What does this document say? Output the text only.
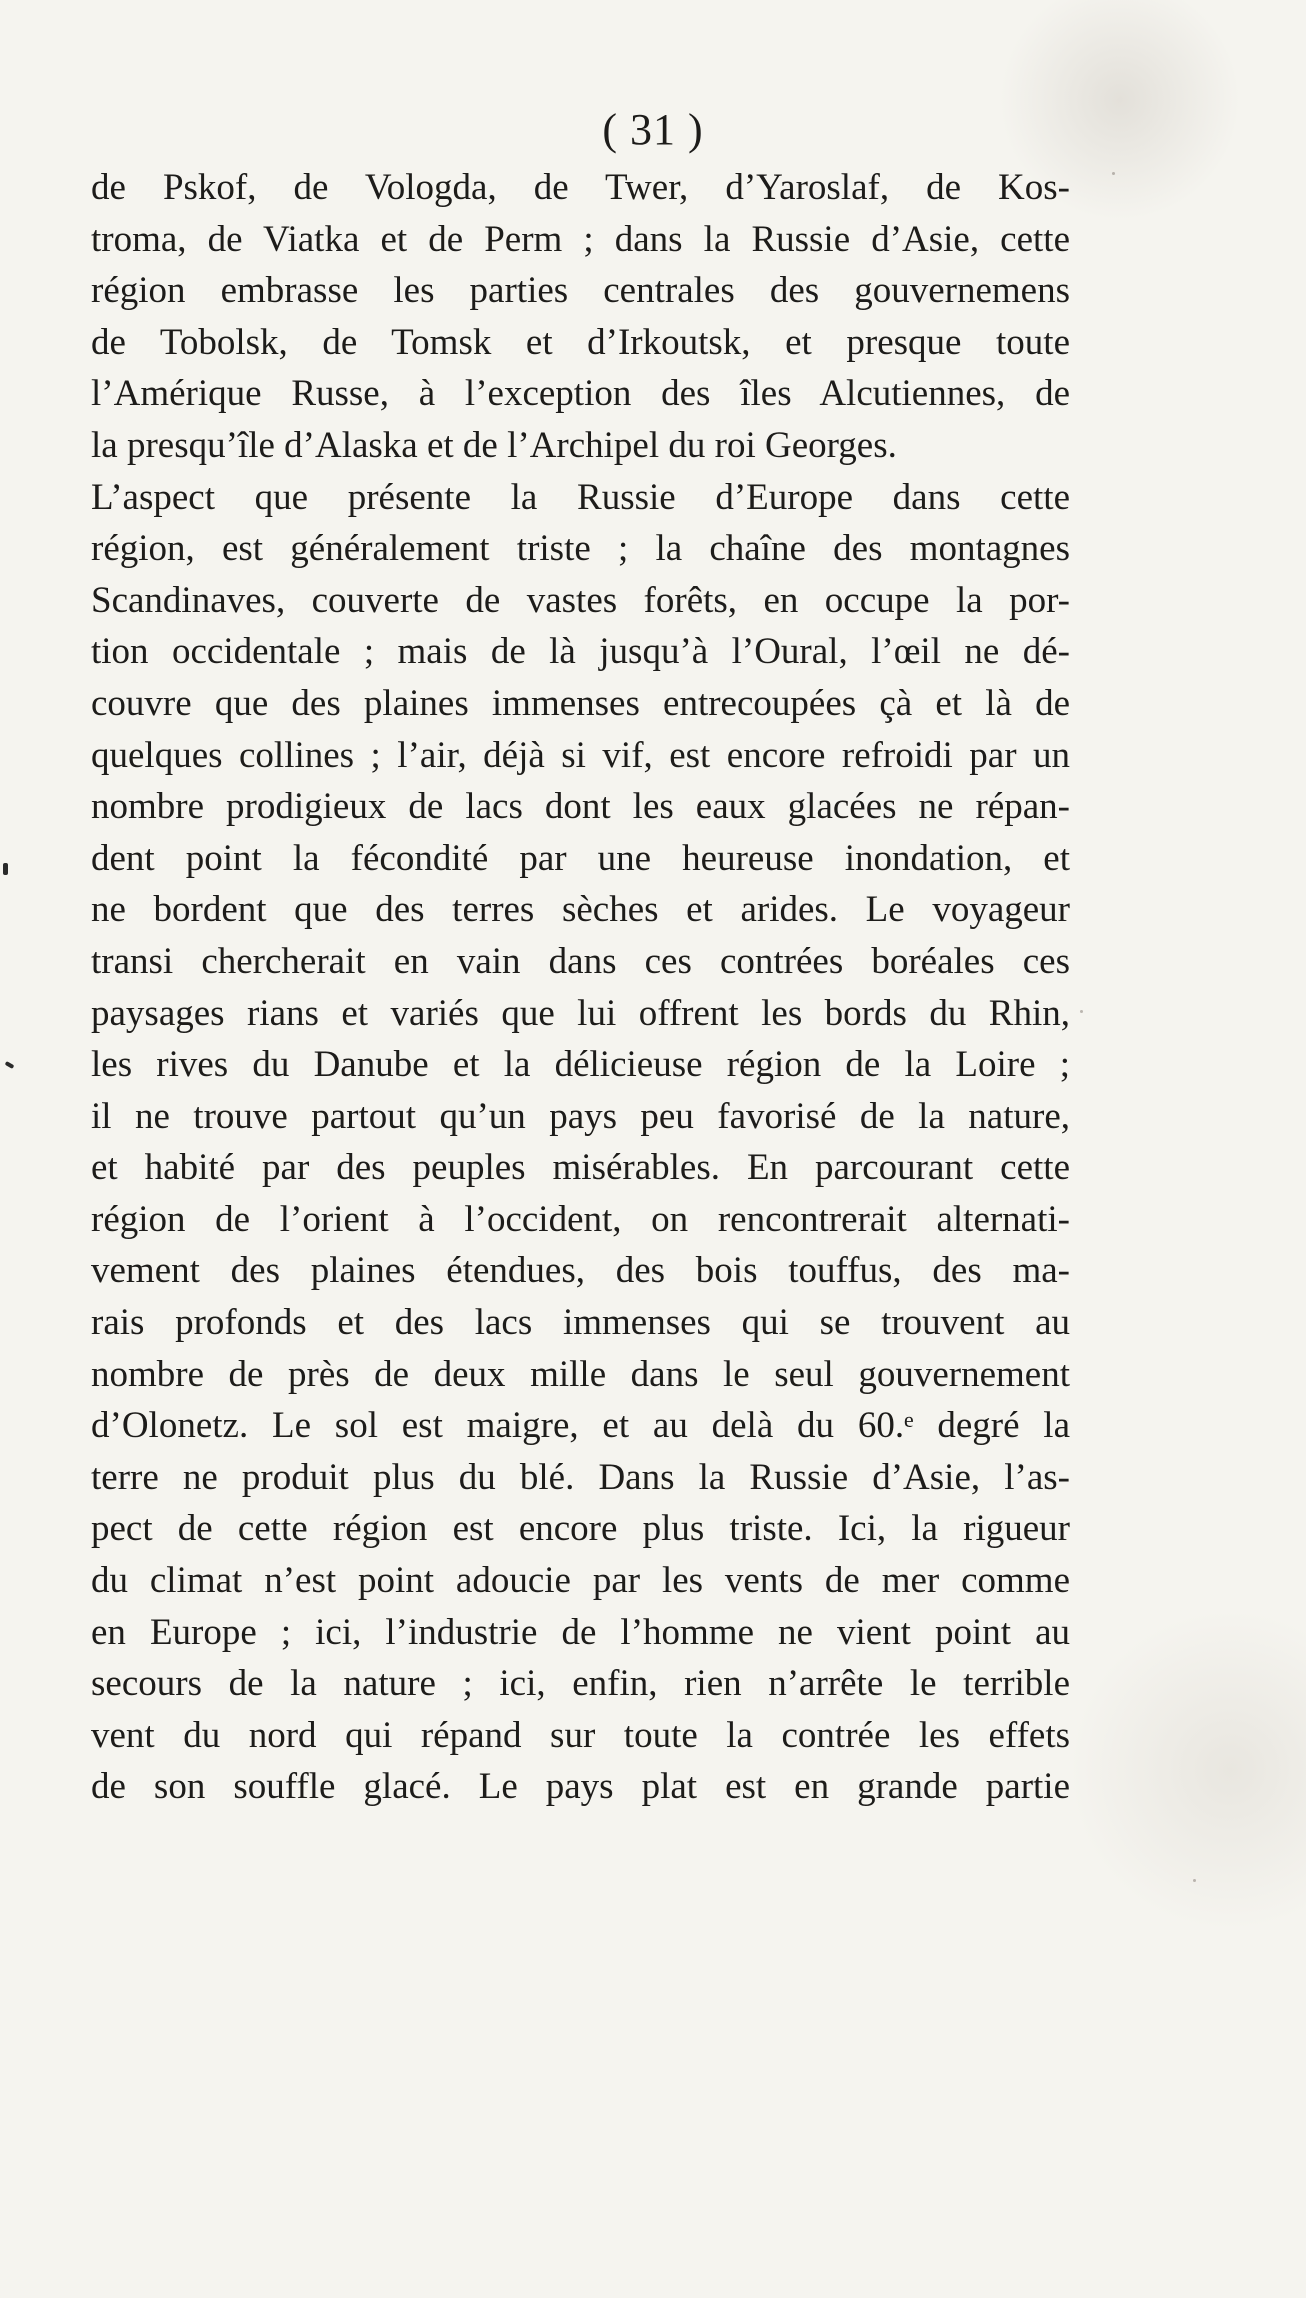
( 31 )
de Pskof, de Vologda, de Twer, d’Yaroslaf, de Kos-
troma, de Viatka et de Perm ; dans la Russie d’Asie, cette
région embrasse les parties centrales des gouvernemens
de Tobolsk, de Tomsk et d’Irkoutsk, et presque toute
l’Amérique Russe, à l’exception des îles Alcutiennes, de
la presqu’île d’Alaska et de l’Archipel du roi Georges.
L’aspect que présente la Russie d’Europe dans cette
région, est généralement triste ; la chaîne des montagnes
Scandinaves, couverte de vastes forêts, en occupe la por-
tion occidentale ; mais de là jusqu’à l’Oural, l’œil ne dé-
couvre que des plaines immenses entrecoupées çà et là de
quelques collines ; l’air, déjà si vif, est encore refroidi par un
nombre prodigieux de lacs dont les eaux glacées ne répan-
dent point la fécondité par une heureuse inondation, et
ne bordent que des terres sèches et arides. Le voyageur
transi chercherait en vain dans ces contrées boréales ces
paysages rians et variés que lui offrent les bords du Rhin,
les rives du Danube et la délicieuse région de la Loire ;
il ne trouve partout qu’un pays peu favorisé de la nature,
et habité par des peuples misérables. En parcourant cette
région de l’orient à l’occident, on rencontrerait alternati-
vement des plaines étendues, des bois touffus, des ma-
rais profonds et des lacs immenses qui se trouvent au
nombre de près de deux mille dans le seul gouvernement
d’Olonetz. Le sol est maigre, et au delà du 60.ᵉ degré la
terre ne produit plus du blé. Dans la Russie d’Asie, l’as-
pect de cette région est encore plus triste. Ici, la rigueur
du climat n’est point adoucie par les vents de mer comme
en Europe ; ici, l’industrie de l’homme ne vient point au
secours de la nature ; ici, enfin, rien n’arrête le terrible
vent du nord qui répand sur toute la contrée les effets
de son souffle glacé. Le pays plat est en grande partie
